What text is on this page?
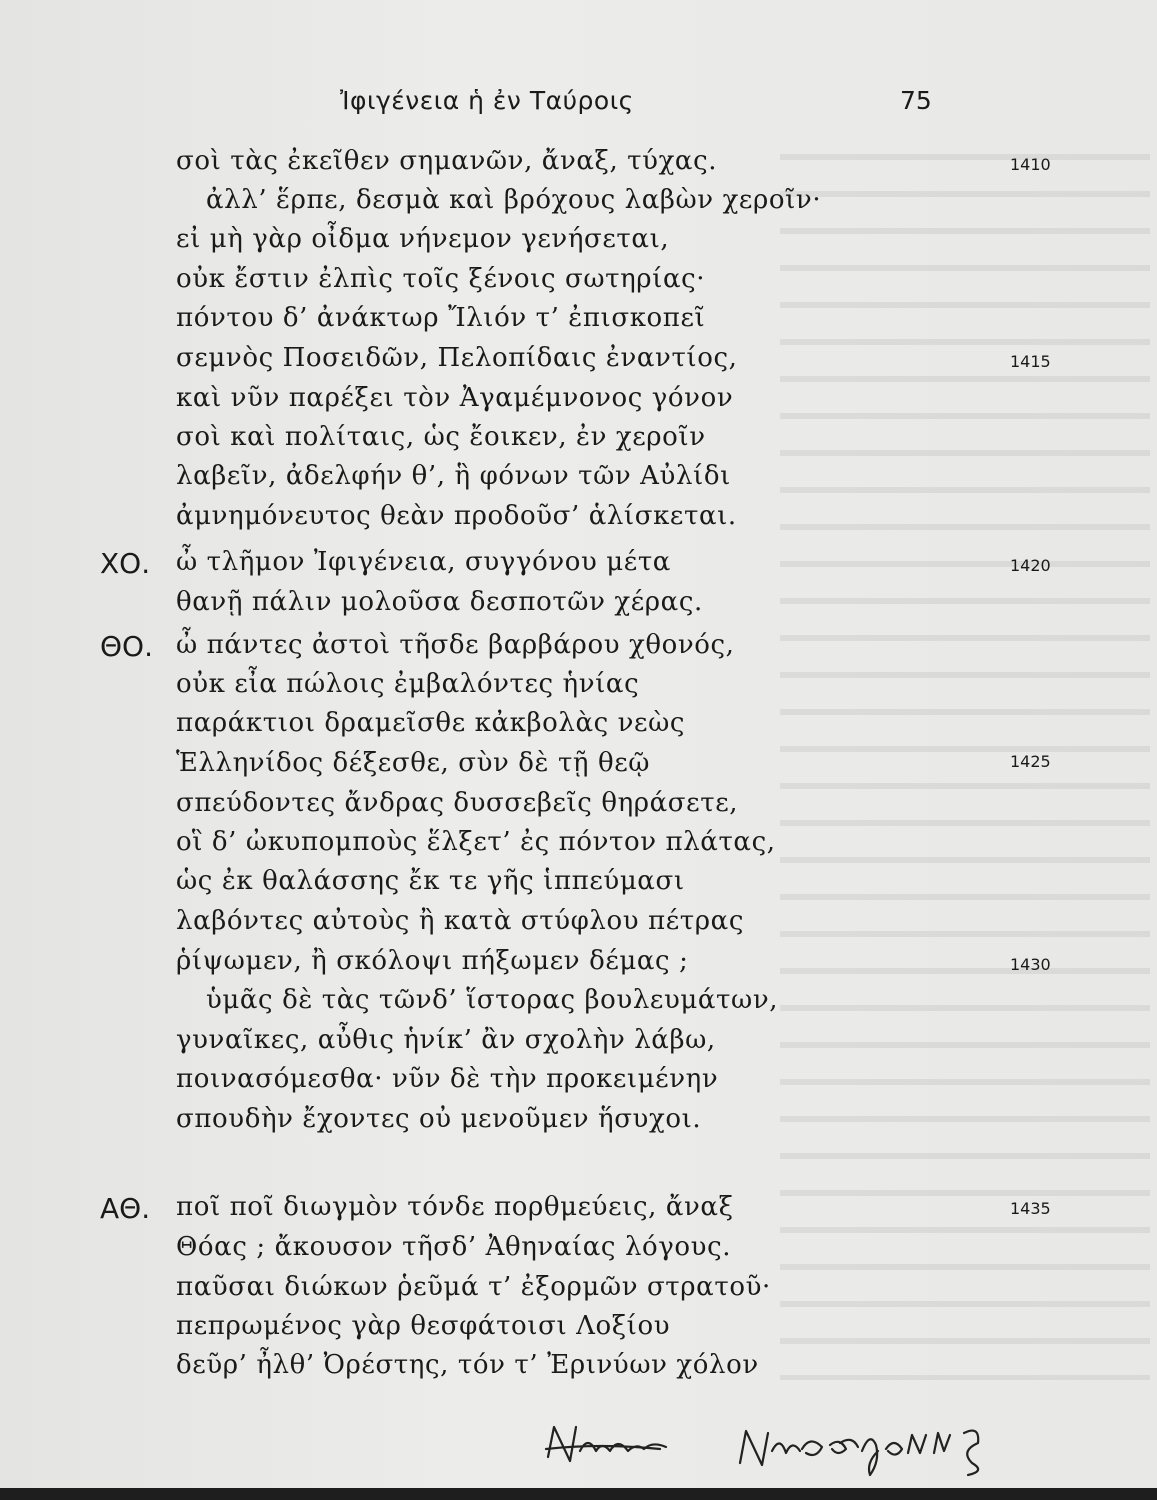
Ἰφιγένεια ἡ ἐν Ταύροις	75
σοὶ τὰς ἐκεῖθεν σημανῶν, ἄναξ, τύχας.
ἀλλ’ ἕρπε, δεσμὰ καὶ βρόχους λαβὼν χεροῖν·
εἰ μὴ γὰρ οἶδμα νήνεμον γενήσεται,
οὐκ ἔστιν ἐλπὶς τοῖς ξένοις σωτηρίας·
πόντου δ’ ἀνάκτωρ Ἴλιόν τ’ ἐπισκοπεῖ
σεμνὸς Ποσειδῶν, Πελοπίδαις ἐναντίος,
καὶ νῦν παρέξει τὸν Ἀγαμέμνονος γόνον
σοὶ καὶ πολίταις, ὡς ἔοικεν, ἐν χεροῖν
λαβεῖν, ἀδελφήν θ’, ἣ φόνων τῶν Αὐλίδι
ἀμνημόνευτος θεὰν προδοῦσ’ ἁλίσκεται.
ΧΟ. ὦ τλῆμον Ἰφιγένεια, συγγόνου μέτα
θανῇ πάλιν μολοῦσα δεσποτῶν χέρας.
ΘΟ. ὦ πάντες ἀστοὶ τῆσδε βαρβάρου χθονός,
οὐκ εἶα πώλοις ἐμβαλόντες ἡνίας
παράκτιοι δραμεῖσθε κἀκβολὰς νεὼς
Ἑλληνίδος δέξεσθε, σὺν δὲ τῇ θεῷ
σπεύδοντες ἄνδρας δυσσεβεῖς θηράσετε,
οἳ δ’ ὠκυπομποὺς ἕλξετ’ ἐς πόντον πλάτας,
ὡς ἐκ θαλάσσης ἔκ τε γῆς ἱππεύμασι
λαβόντες αὐτοὺς ἢ κατὰ στύφλου πέτρας
ῥίψωμεν, ἢ σκόλοψι πήξωμεν δέμας ;
ὑμᾶς δὲ τὰς τῶνδ’ ἵστορας βουλευμάτων,
γυναῖκες, αὖθις ἡνίκ’ ἂν σχολὴν λάβω,
ποινασόμεσθα· νῦν δὲ τὴν προκειμένην
σπουδὴν ἔχοντες οὐ μενοῦμεν ἥσυχοι.
ΑΘ. ποῖ ποῖ διωγμὸν τόνδε πορθμεύεις, ἄναξ
Θόας ; ἄκουσον τῆσδ’ Ἀθηναίας λόγους.
παῦσαι διώκων ῥεῦμά τ’ ἐξορμῶν στρατοῦ·
πεπρωμένος γὰρ θεσφάτοισι Λοξίου
δεῦρ’ ἦλθ’ Ὀρέστης, τόν τ’ Ἐρινύων χόλον
1410
1415
1420
1425
1430
1435
